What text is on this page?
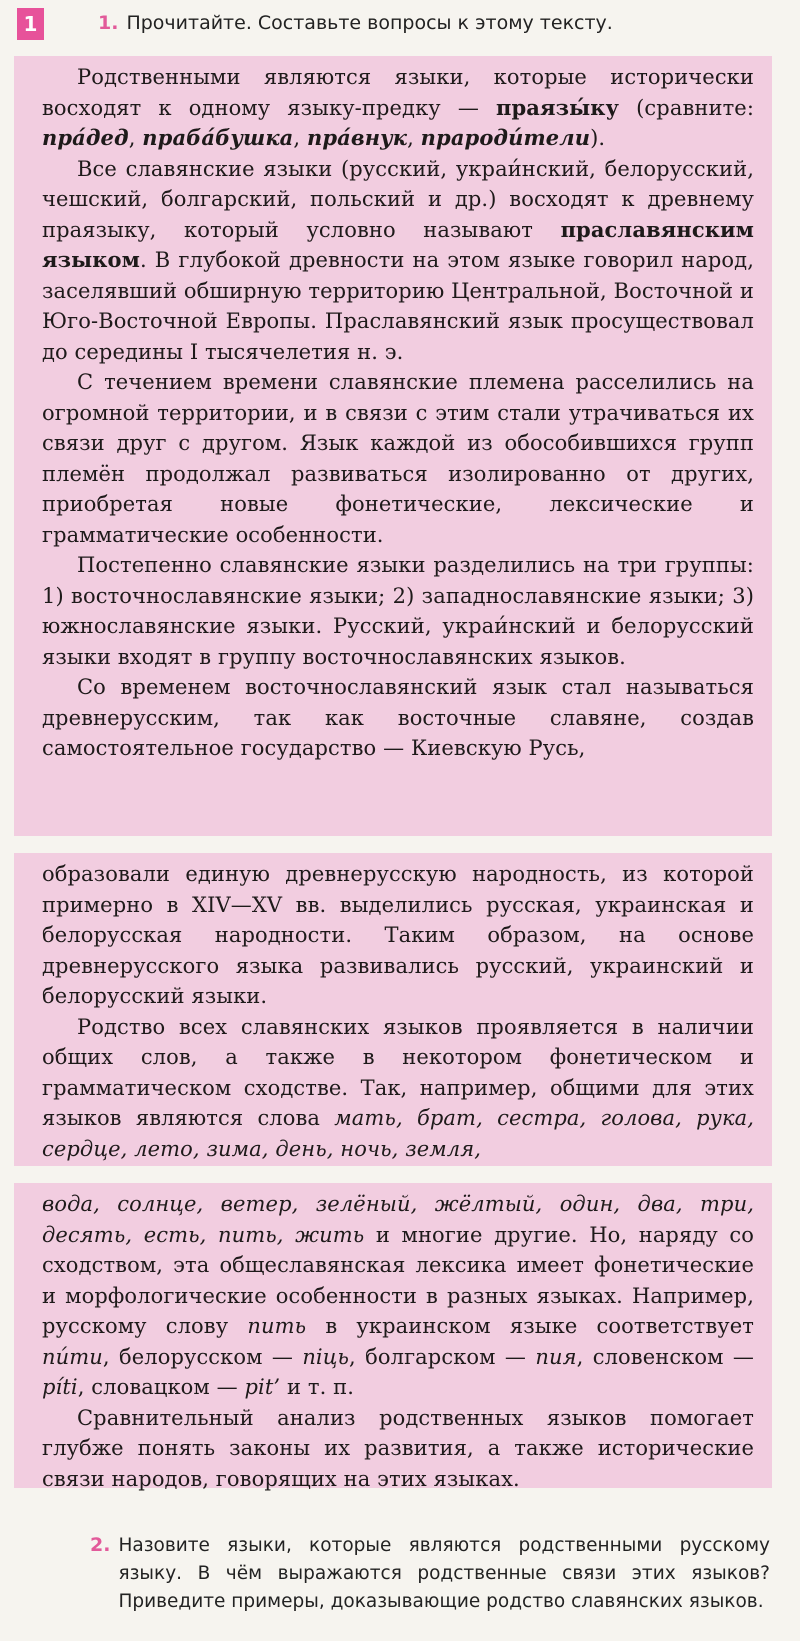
1	1. Прочитайте. Составьте вопросы к этому тексту.

Родственными являются языки, которые исторически восходят к одному языку-предку — праязы́ку (сравните: пра́дед, праба́бушка, пра́внук, прароди́тели).

Все славянские языки (русский, украи́нский, белорусский, чешский, болгарский, польский и др.) восходят к древнему праязыку, который условно называют праславянским языком. В глубокой древности на этом языке говорил народ, заселявший обширную территорию Центральной, Восточной и Юго-Восточной Европы. Праславянский язык просуществовал до середины I тысячелетия н. э.

С течением времени славянские племена расселились на огромной территории, и в связи с этим стали утрачиваться их связи друг с другом. Язык каждой из обособившихся групп племён продолжал развиваться изолированно от других, приобретая новые фонетические, лексические и грамматические особенности.

Постепенно славянские языки разделились на три группы: 1) восточнославянские языки; 2) западнославянские языки; 3) южнославянские языки. Русский, украи́нский и белорусский языки входят в группу восточнославянских языков.

Со временем восточнославянский язык стал называться древнерусским, так как восточные славяне, создав самостоятельное государство — Киевскую Русь,

образовали единую древнерусскую народность, из которой примерно в XIV—XV вв. выделились русская, украинская и белорусская народности. Таким образом, на основе древнерусского языка развивались русский, украинский и белорусский языки.

Родство всех славянских языков проявляется в наличии общих слов, а также в некотором фонетическом и грамматическом сходстве. Так, например, общими для этих языков являются слова мать, брат, сестра, голова, рука, сердце, лето, зима, день, ночь, земля,

вода, солнце, ветер, зелёный, жёлтый, один, два, три, десять, есть, пить, жить и многие другие. Но, наряду со сходством, эта общеславянская лексика имеет фонетические и морфологические особенности в разных языках. Например, русскому слову пить в украинском языке соответствует пи́ти, белорусском — піць, болгарском — пия, словенском — píti, словацком — pit’ и т. п.

Сравнительный анализ родственных языков помогает глубже понять законы их развития, а также исторические связи народов, говорящих на этих языках.

2. Назовите языки, которые являются родственными русскому языку. В чём выражаются родственные связи этих языков? Приведите примеры, доказывающие родство славянских языков.
